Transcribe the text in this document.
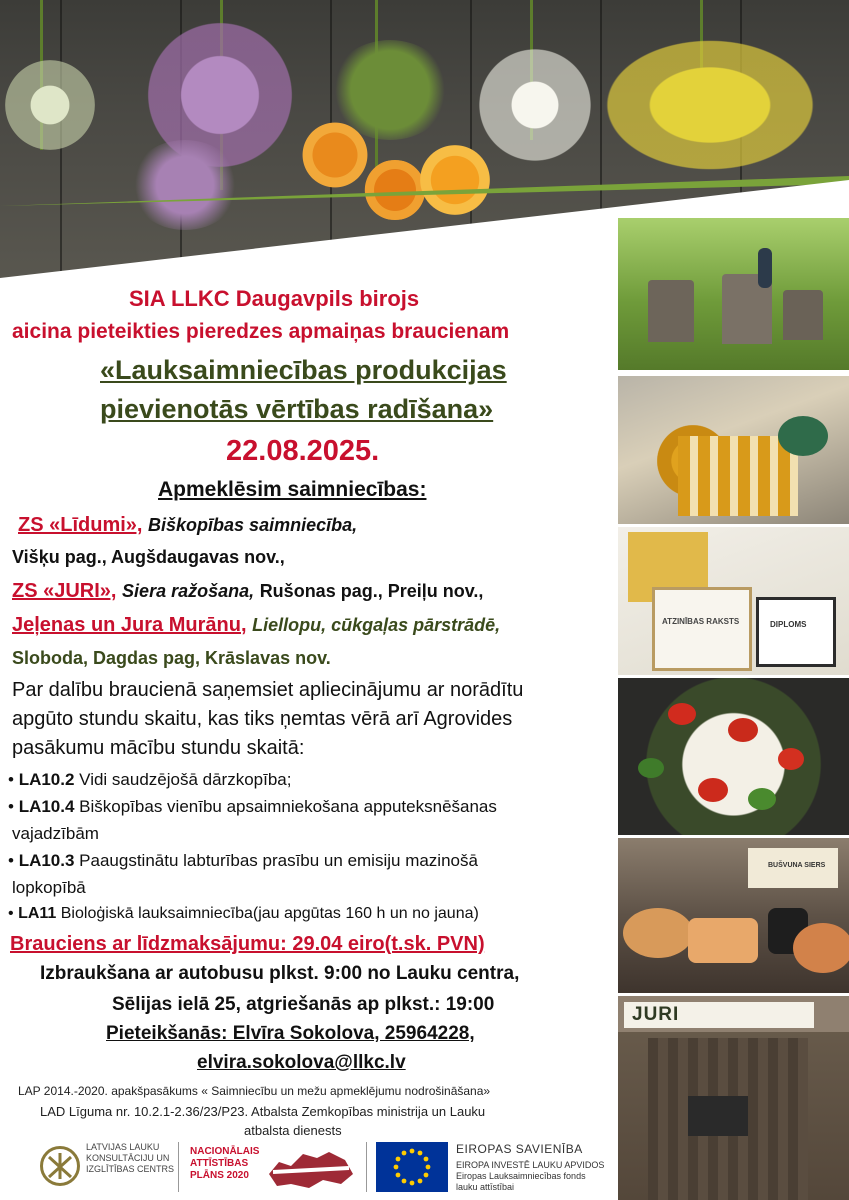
ATZINĪBAS RAKSTS	DIPLOMS

BUŠVUNA SIERS

JURI

SIA LLKC Daugavpils birojs

aicina pieteikties pieredzes apmaiņas braucienam

«Lauksaimniecības produkcijas

pievienotās vērtības radīšana»

22.08.2025.

Apmeklēsim saimniecības:

ZS «Līdumi», Biškopības saimniecība,

Višķu pag., Augšdaugavas nov.,

ZS «JURI», Siera ražošana, Rušonas pag., Preiļu nov.,

Jeļenas un Jura Murānu, Liellopu, cūkgaļas pārstrādē,

Sloboda, Dagdas pag, Krāslavas nov.

Par dalību braucienā saņemsiet apliecinājumu ar norādītu

apgūto stundu skaitu, kas tiks ņemtas vērā arī Agrovides

pasākumu mācību stundu skaitā:

• LA10.2 Vidi saudzējošā dārzkopība;

• LA10.4 Biškopības vienību apsaimniekošana apputeksnēšanas

vajadzībām

• LA10.3 Paaugstinātu labturības prasību un emisiju mazinošā

lopkopībā

• LA11 Bioloģiskā lauksaimniecība(jau apgūtas 160 h un no jauna)

Brauciens ar līdzmaksājumu: 29.04 eiro(t.sk. PVN)

Izbraukšana ar autobusu plkst. 9:00 no Lauku centra,

Sēlijas ielā 25, atgriešanās ap plkst.: 19:00

Pieteikšanās: Elvīra Sokolova, 25964228,

elvira.sokolova@llkc.lv

LAP 2014.-2020. apakšpasākums « Saimniecību un mežu apmeklējumu nodrošināšana»

LAD Līguma nr. 10.2.1-2.36/23/P23. Atbalsta Zemkopības ministrija un Lauku

atbalsta dienests

LATVIJAS LAUKU
KONSULTĀCIJU UN
IZGLĪTĪBAS CENTRS

NACIONĀLAIS
ATTĪSTĪBAS
PLĀNS 2020

EIROPAS SAVIENĪBA

EIROPA INVESTĒ LAUKU APVIDOS
Eiropas Lauksaimniecības fonds
lauku attīstībai
